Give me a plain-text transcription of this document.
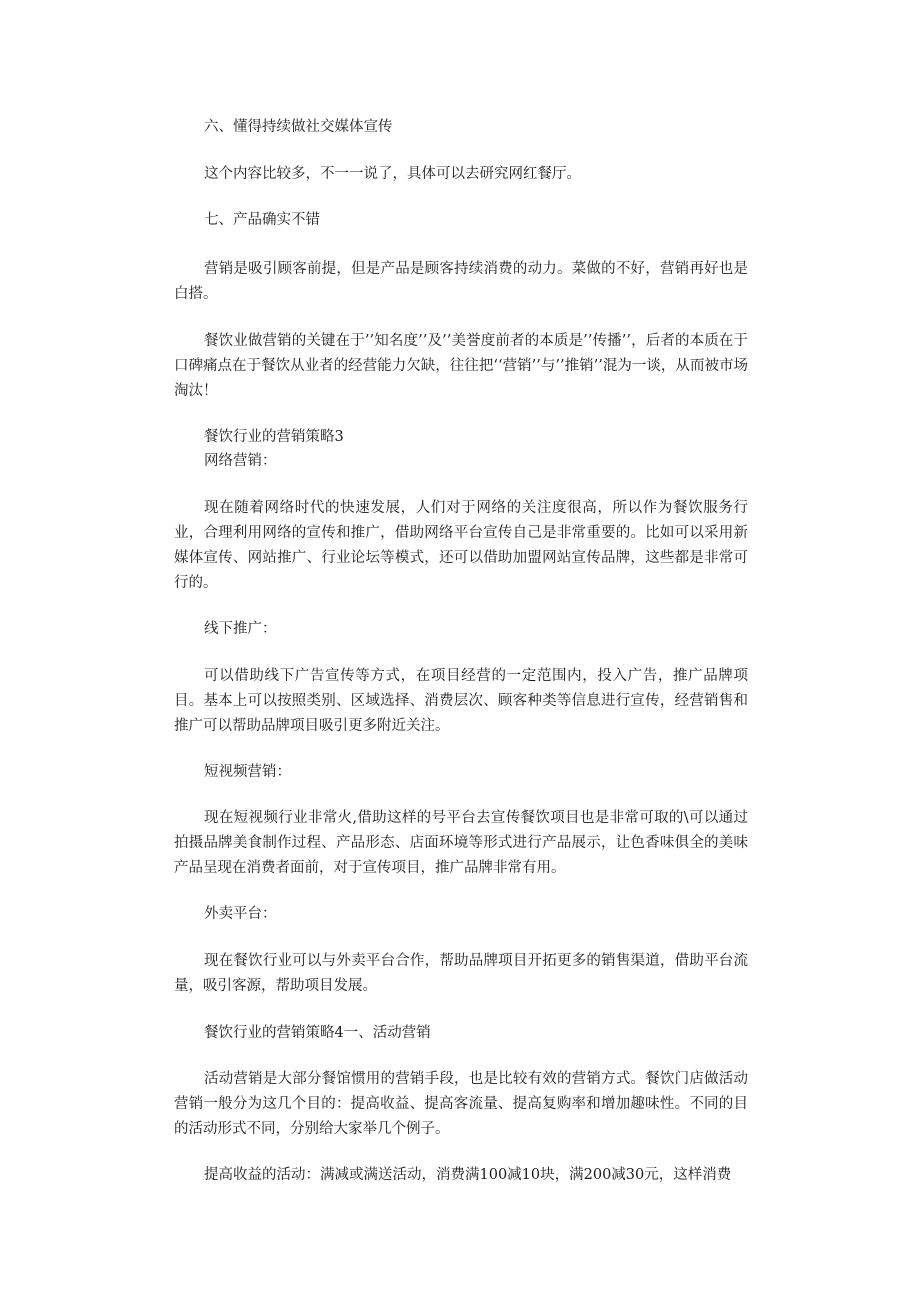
六、懂得持续做社交媒体宣传
这个内容比较多，不一一说了，具体可以去研究网红餐厅。
七、产品确实不错
营销是吸引顾客前提，但是产品是顾客持续消费的动力。菜做的不好，营销再好也是白搭。
餐饮业做营销的关键在于’’知名度’’及’’美誉度前者的本质是’’传播’’，后者的本质在于口碑痛点在于餐饮从业者的经营能力欠缺，往往把‘‘营销’’与’’推销’’混为一谈，从而被市场淘汰！
餐饮行业的营销策略3
网络营销：
现在随着网络时代的快速发展，人们对于网络的关注度很高，所以作为餐饮服务行业，合理利用网络的宣传和推广，借助网络平台宣传自己是非常重要的。比如可以采用新媒体宣传、网站推广、行业论坛等模式，还可以借助加盟网站宣传品牌，这些都是非常可行的。
线下推广：
可以借助线下广告宣传等方式，在项目经营的一定范围内，投入广告，推广品牌项目。基本上可以按照类别、区域选择、消费层次、顾客种类等信息进行宣传，经营销售和推广可以帮助品牌项目吸引更多附近关注。
短视频营销：
现在短视频行业非常火,借助这样的号平台去宣传餐饮项目也是非常可取的\可以通过拍摄品牌美食制作过程、产品形态、店面环境等形式进行产品展示，让色香味俱全的美味产品呈现在消费者面前，对于宣传项目，推广品牌非常有用。
外卖平台：
现在餐饮行业可以与外卖平台合作，帮助品牌项目开拓更多的销售渠道，借助平台流量，吸引客源，帮助项目发展。
餐饮行业的营销策略4一、活动营销
活动营销是大部分餐馆惯用的营销手段，也是比较有效的营销方式。餐饮门店做活动营销一般分为这几个目的：提高收益、提高客流量、提高复购率和增加趣味性。不同的目的活动形式不同，分别给大家举几个例子。
提高收益的活动：满减或满送活动，消费满100减10块，满200减30元，这样消费
